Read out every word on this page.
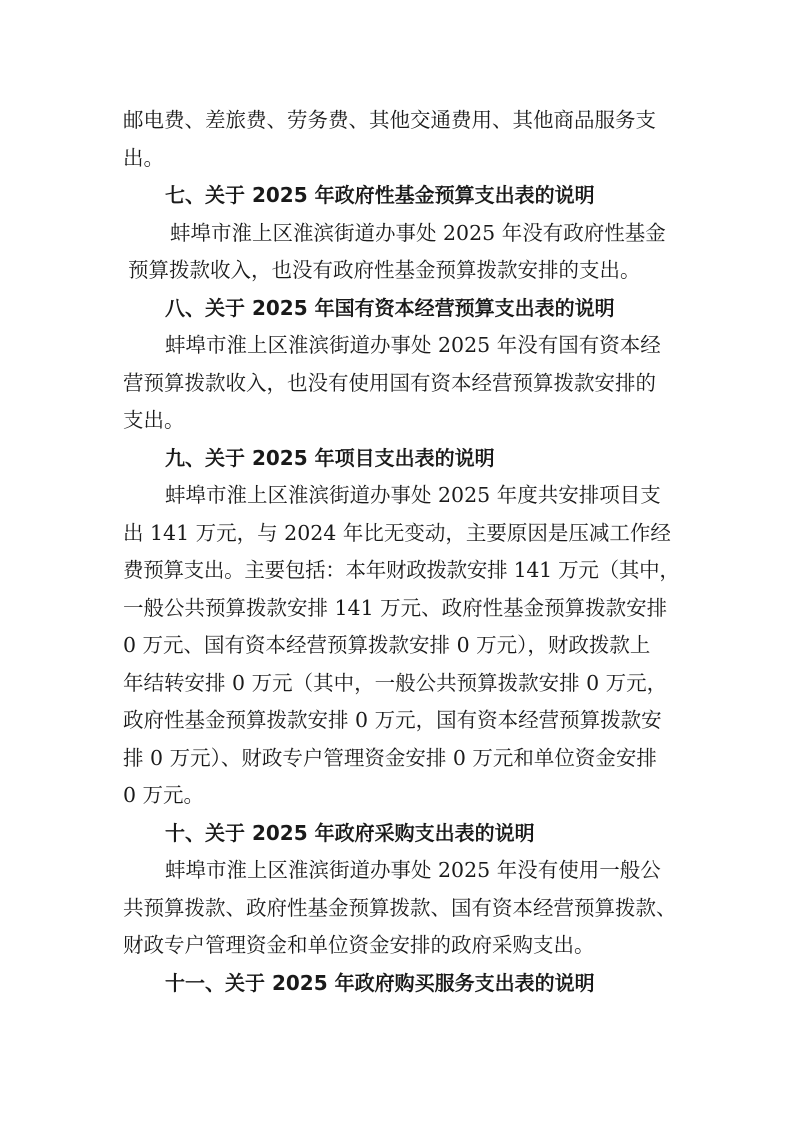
邮电费、差旅费、劳务费、其他交通费用、其他商品服务支
出。
七、关于 2025 年政府性基金预算支出表的说明
蚌埠市淮上区淮滨街道办事处 2025 年没有政府性基金
预算拨款收入，也没有政府性基金预算拨款安排的支出。
八、关于 2025 年国有资本经营预算支出表的说明
蚌埠市淮上区淮滨街道办事处 2025 年没有国有资本经
营预算拨款收入，也没有使用国有资本经营预算拨款安排的
支出。
九、关于 2025 年项目支出表的说明
蚌埠市淮上区淮滨街道办事处 2025 年度共安排项目支
出 141 万元，与 2024 年比无变动，主要原因是压减工作经
费预算支出。主要包括：本年财政拨款安排 141 万元（其中，
一般公共预算拨款安排 141 万元、政府性基金预算拨款安排
0 万元、国有资本经营预算拨款安排 0 万元），财政拨款上
年结转安排 0 万元（其中，一般公共预算拨款安排 0 万元，
政府性基金预算拨款安排 0 万元，国有资本经营预算拨款安
排 0 万元）、财政专户管理资金安排 0 万元和单位资金安排
0 万元。
十、关于 2025 年政府采购支出表的说明
蚌埠市淮上区淮滨街道办事处 2025 年没有使用一般公
共预算拨款、政府性基金预算拨款、国有资本经营预算拨款、
财政专户管理资金和单位资金安排的政府采购支出。
十一、关于 2025 年政府购买服务支出表的说明
